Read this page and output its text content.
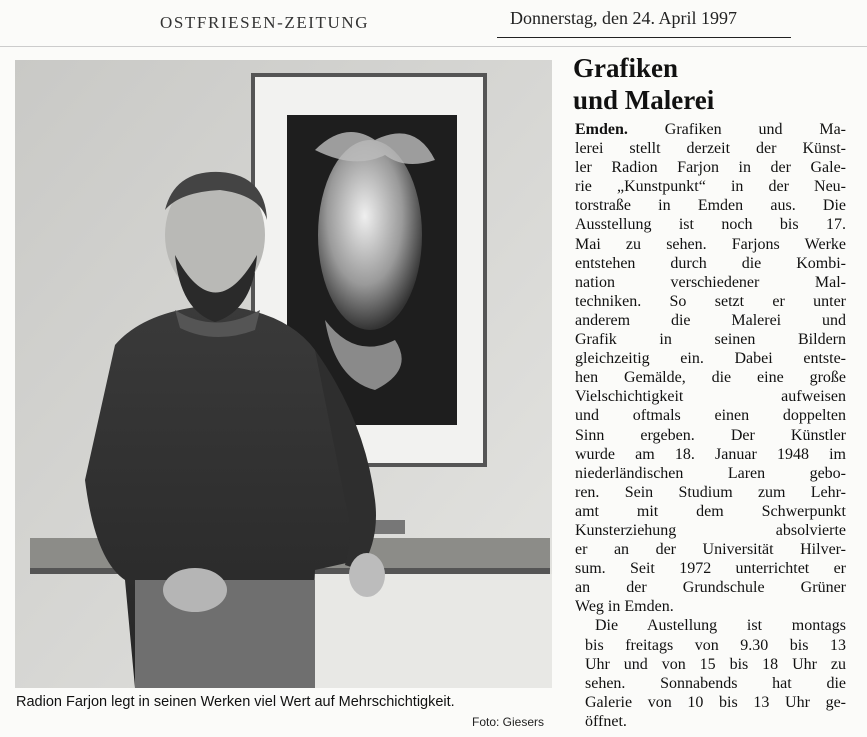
OSTFRIESEN-ZEITUNG	Donnerstag, den 24. April 1997
Radion Farjon legt in seinen Werken viel Wert auf Mehrschichtigkeit.
Foto: Giesers
Grafiken
und Malerei

Emden. Grafiken und Ma-
lerei stellt derzeit der Künst-
ler Radion Farjon in der Gale-
rie „Kunstpunkt“ in der Neu-
torstraße in Emden aus. Die
Ausstellung ist noch bis 17.
Mai zu sehen. Farjons Werke
entstehen durch die Kombi-
nation verschiedener Mal-
techniken. So setzt er unter
anderem die Malerei und
Grafik in seinen Bildern
gleichzeitig ein. Dabei entste-
hen Gemälde, die eine große
Vielschichtigkeit aufweisen
und oftmals einen doppelten
Sinn ergeben. Der Künstler
wurde am 18. Januar 1948 im
niederländischen Laren gebo-
ren. Sein Studium zum Lehr-
amt mit dem Schwerpunkt
Kunsterziehung absolvierte
er an der Universität Hilver-
sum. Seit 1972 unterrichtet er
an der Grundschule Grüner
Weg in Emden.

Die Austellung ist montags

bis freitags von 9.30 bis 13
Uhr und von 15 bis 18 Uhr zu
sehen. Sonnabends hat die
Galerie von 10 bis 13 Uhr ge-
öffnet.
